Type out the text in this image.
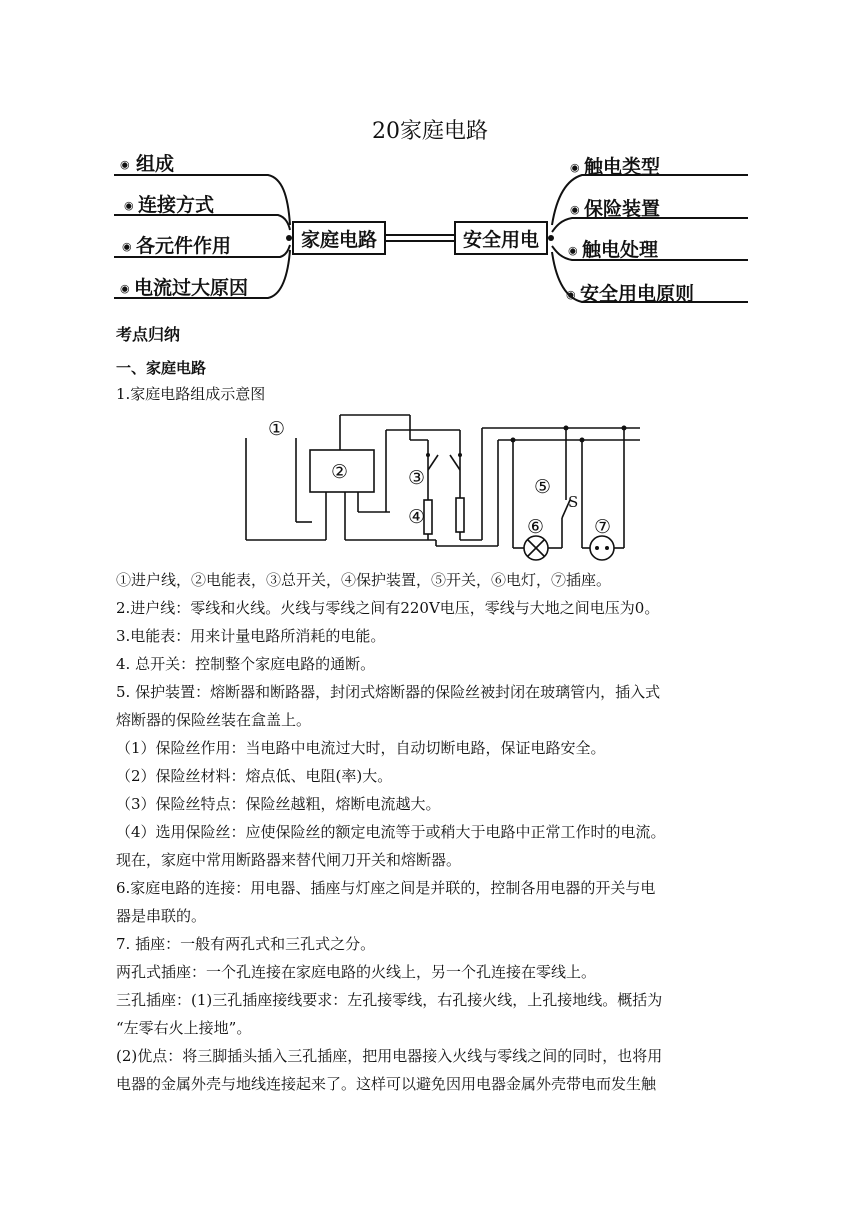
20家庭电路
家庭电路	安全用电
◉
◉
◉
◉
◉
◉
◉
◉
组成
连接方式
各元件作用
电流过大原因
触电类型
保险装置
触电处理
安全用电原则
考点归纳
一、家庭电路
1.家庭电路组成示意图
①
②	③
④
⑤
⑥	⑦
S
①进户线，②电能表，③总开关，④保护装置，⑤开关，⑥电灯，⑦插座。
2.进户线：零线和火线。火线与零线之间有220V电压，零线与大地之间电压为0。
3.电能表：用来计量电路所消耗的电能。
4. 总开关：控制整个家庭电路的通断。
5. 保护装置：熔断器和断路器，封闭式熔断器的保险丝被封闭在玻璃管内，插入式
熔断器的保险丝装在盒盖上。
（1）保险丝作用：当电路中电流过大时，自动切断电路，保证电路安全。
（2）保险丝材料：熔点低、电阻(率)大。
（3）保险丝特点：保险丝越粗，熔断电流越大。
（4）选用保险丝：应使保险丝的额定电流等于或稍大于电路中正常工作时的电流。
现在，家庭中常用断路器来替代闸刀开关和熔断器。
6.家庭电路的连接：用电器、插座与灯座之间是并联的，控制各用电器的开关与电
器是串联的。
7. 插座：一般有两孔式和三孔式之分。
两孔式插座：一个孔连接在家庭电路的火线上，另一个孔连接在零线上。
三孔插座：(1)三孔插座接线要求：左孔接零线，右孔接火线，上孔接地线。概括为
“左零右火上接地”。
(2)优点：将三脚插头插入三孔插座，把用电器接入火线与零线之间的同时，也将用
电器的金属外壳与地线连接起来了。这样可以避免因用电器金属外壳带电而发生触
